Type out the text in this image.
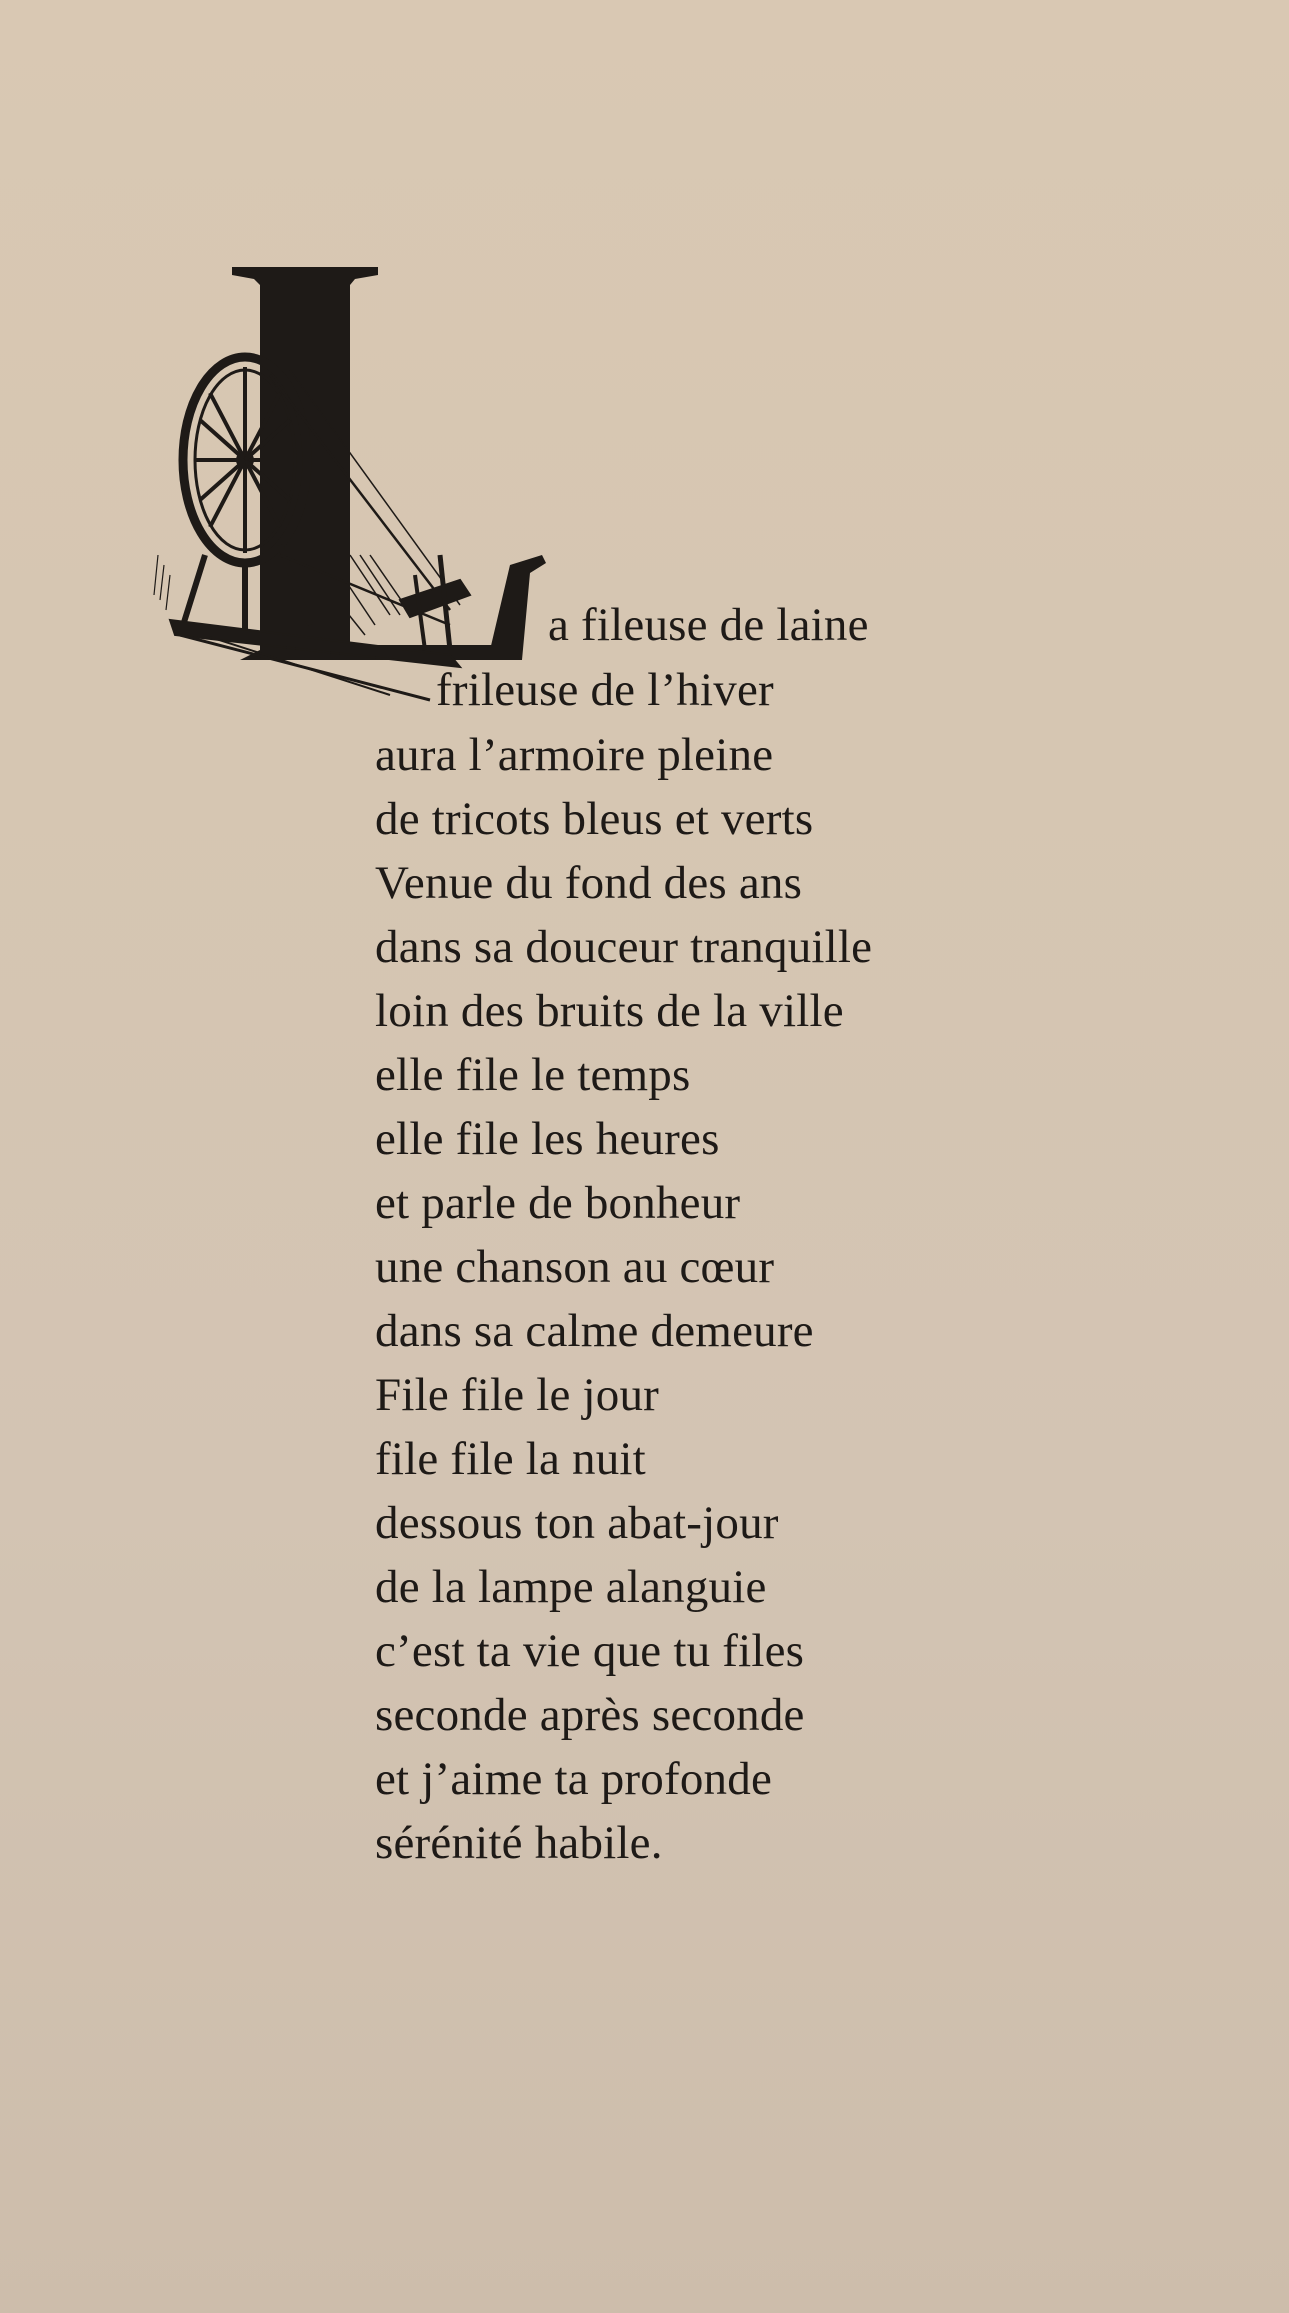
a fileuse de laine
frileuse de l’hiver
aura l’armoire pleine
de tricots bleus et verts
Venue du fond des ans
dans sa douceur tranquille
loin des bruits de la ville
elle file le temps
elle file les heures
et parle de bonheur
une chanson au cœur
dans sa calme demeure
File file le jour
file file la nuit
dessous ton abat-jour
de la lampe alanguie
c’est ta vie que tu files
seconde après seconde
et j’aime ta profonde
sérénité habile.
